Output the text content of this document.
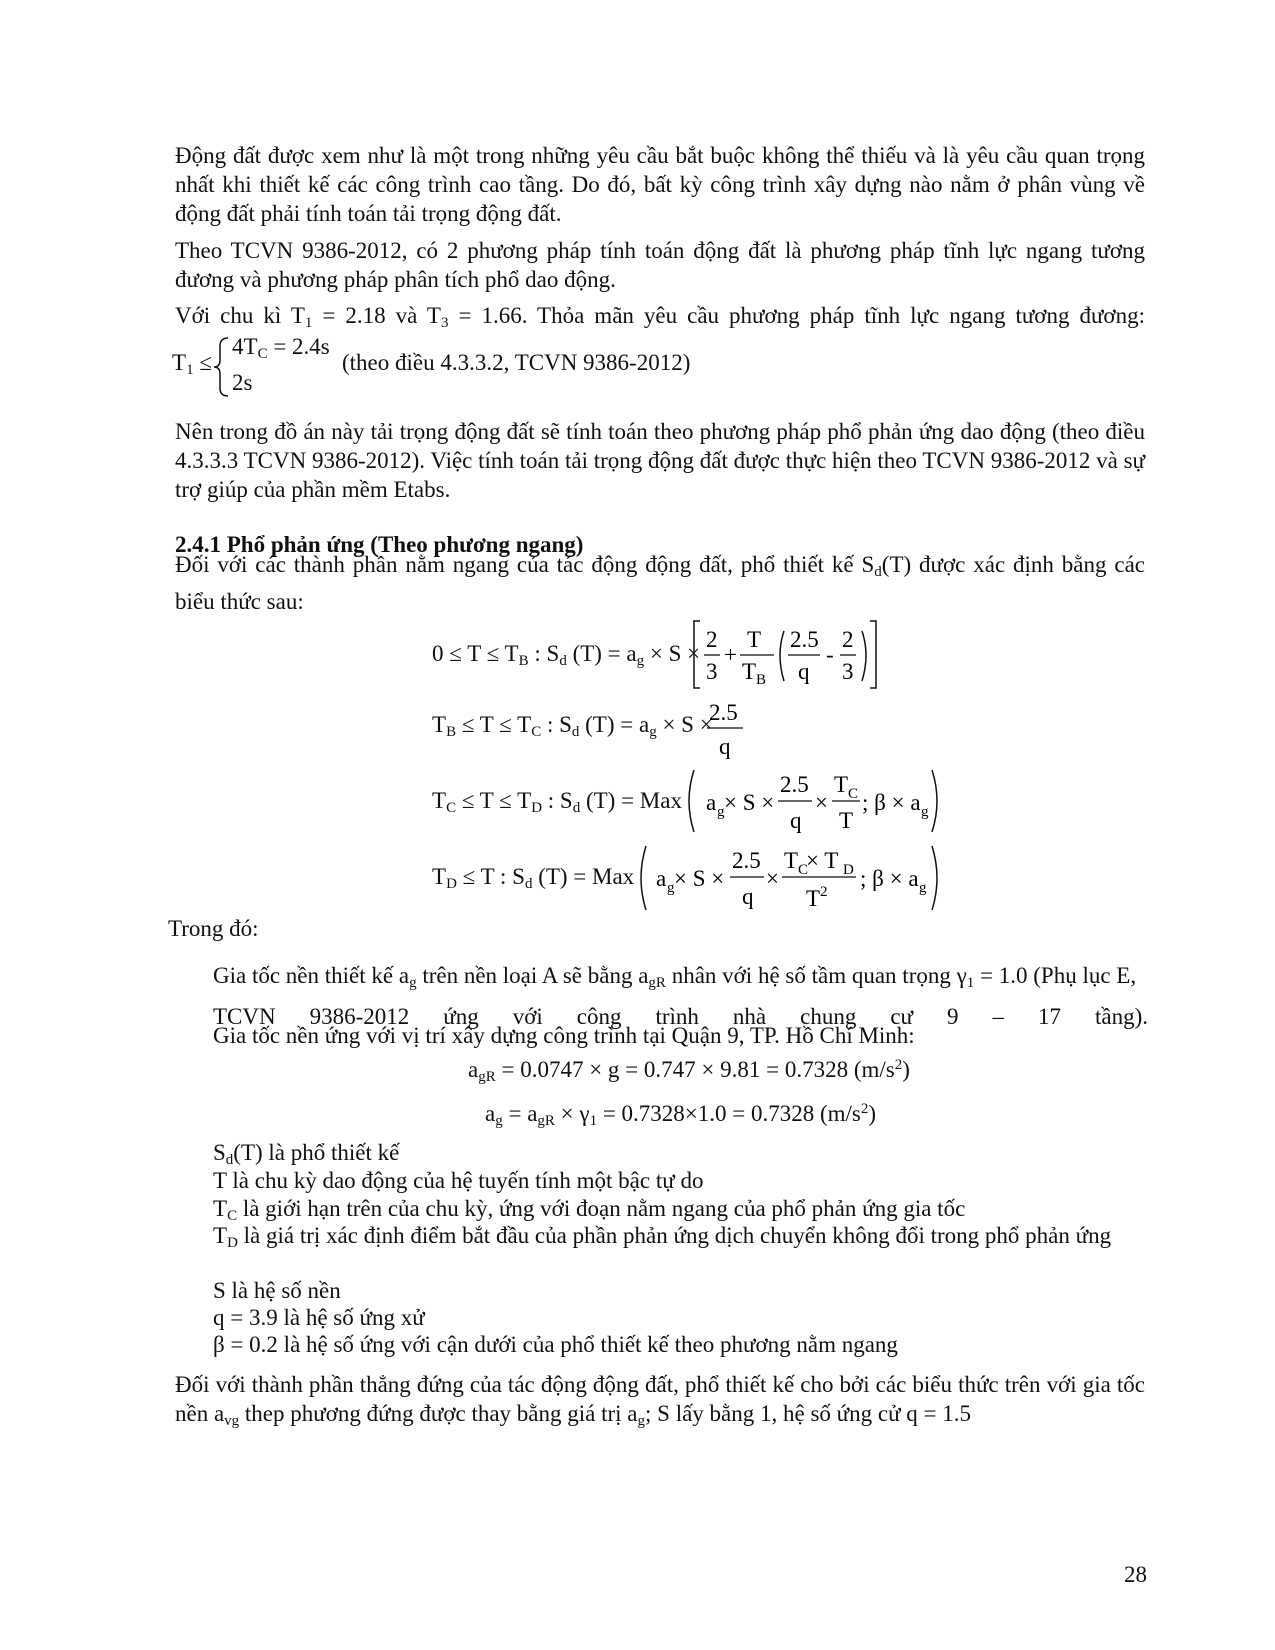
Động đất được xem như là một trong những yêu cầu bắt buộc không thể thiếu và là yêu cầu quan trọng nhất khi thiết kế các công trình cao tầng. Do đó, bất kỳ công trình xây dựng nào nằm ở phân vùng về động đất phải tính toán tải trọng động đất.

Theo TCVN 9386-2012, có 2 phương pháp tính toán động đất là phương pháp tĩnh lực ngang tương đương và phương pháp phân tích phổ dao động.

Với chu kì $T_1 = 2.18$ và $T_3 = 1.66$. Thỏa mãn yêu cầu phương pháp tĩnh lực ngang tương đương:

$T_1$ ≤
$4T_C = 2.4s$
2s
(theo điều 4.3.3.2, TCVN 9386-2012)

Nên trong đồ án này tải trọng động đất sẽ tính toán theo phương pháp phổ phản ứng dao động (theo điều 4.3.3.3 TCVN 9386-2012). Việc tính toán tải trọng động đất được thực hiện theo TCVN 9386-2012 và sự trợ giúp của phần mềm Etabs.

2.4.1 Phổ phản ứng (Theo phương ngang)

Đối với các thành phần nằm ngang của tác động động đất, phổ thiết kế $S_d(T)$ được xác định bằng các biểu thức sau:

$0 \le T \le T_B$ : $S_d$ $(T) = a_g \times S$ ×
2
3
+
T
T B
2.5
q
-
2
3
$T_B \le T \le T_C$ : $S_d$ $(T) = a_g \times S$ ×
2.5
q
$T_C \le T \le T_D$ : $S_d$ (T) = Max a g × S ×
2.5
q
×
T C
T
; β × a g
$T_D \le T$ : $S_d$ (T) = Max a g × S ×
2.5
q
×
T C
× T D
T 2
; β × a g
Trong đó:

Gia tốc nền thiết kế $a_g$ trên nền loại A sẽ bằng $a_{gR}$ nhân với hệ số tầm quan trọng $\gamma_1 = 1.0$ (Phụ lục E, TCVN 9386-2012 ứng với công trình nhà chung cư 9 – 17 tầng).

Gia tốc nền ứng với vị trí xây dựng công trình tại Quận 9, TP. Hồ Chí Minh:

$a_{gR} = 0.0747 \times g = 0.747 \times 9.81 = 0.7328$ $(m/s^2)$
$a_g = a_{gR} \times \gamma_1 = 0.7328\times 1.0 = 0.7328$ $(m/s^2)$

$S_d(T)$ là phổ thiết kế

T là chu kỳ dao động của hệ tuyến tính một bậc tự do

$T_C$ là giới hạn trên của chu kỳ, ứng với đoạn nằm ngang của phổ phản ứng gia tốc

$T_D$ là giá trị xác định điểm bắt đầu của phần phản ứng dịch chuyển không đổi trong phổ phản ứng

S là hệ số nền

q = 3.9 là hệ số ứng xử

β = 0.2 là hệ số ứng với cận dưới của phổ thiết kế theo phương nằm ngang

Đối với thành phần thẳng đứng của tác động động đất, phổ thiết kế cho bởi các biểu thức trên với gia tốc nền $a_{vg}$ thep phương đứng được thay bằng giá trị $a_g$; S lấy bằng 1, hệ số ứng cử q = 1.5

28
